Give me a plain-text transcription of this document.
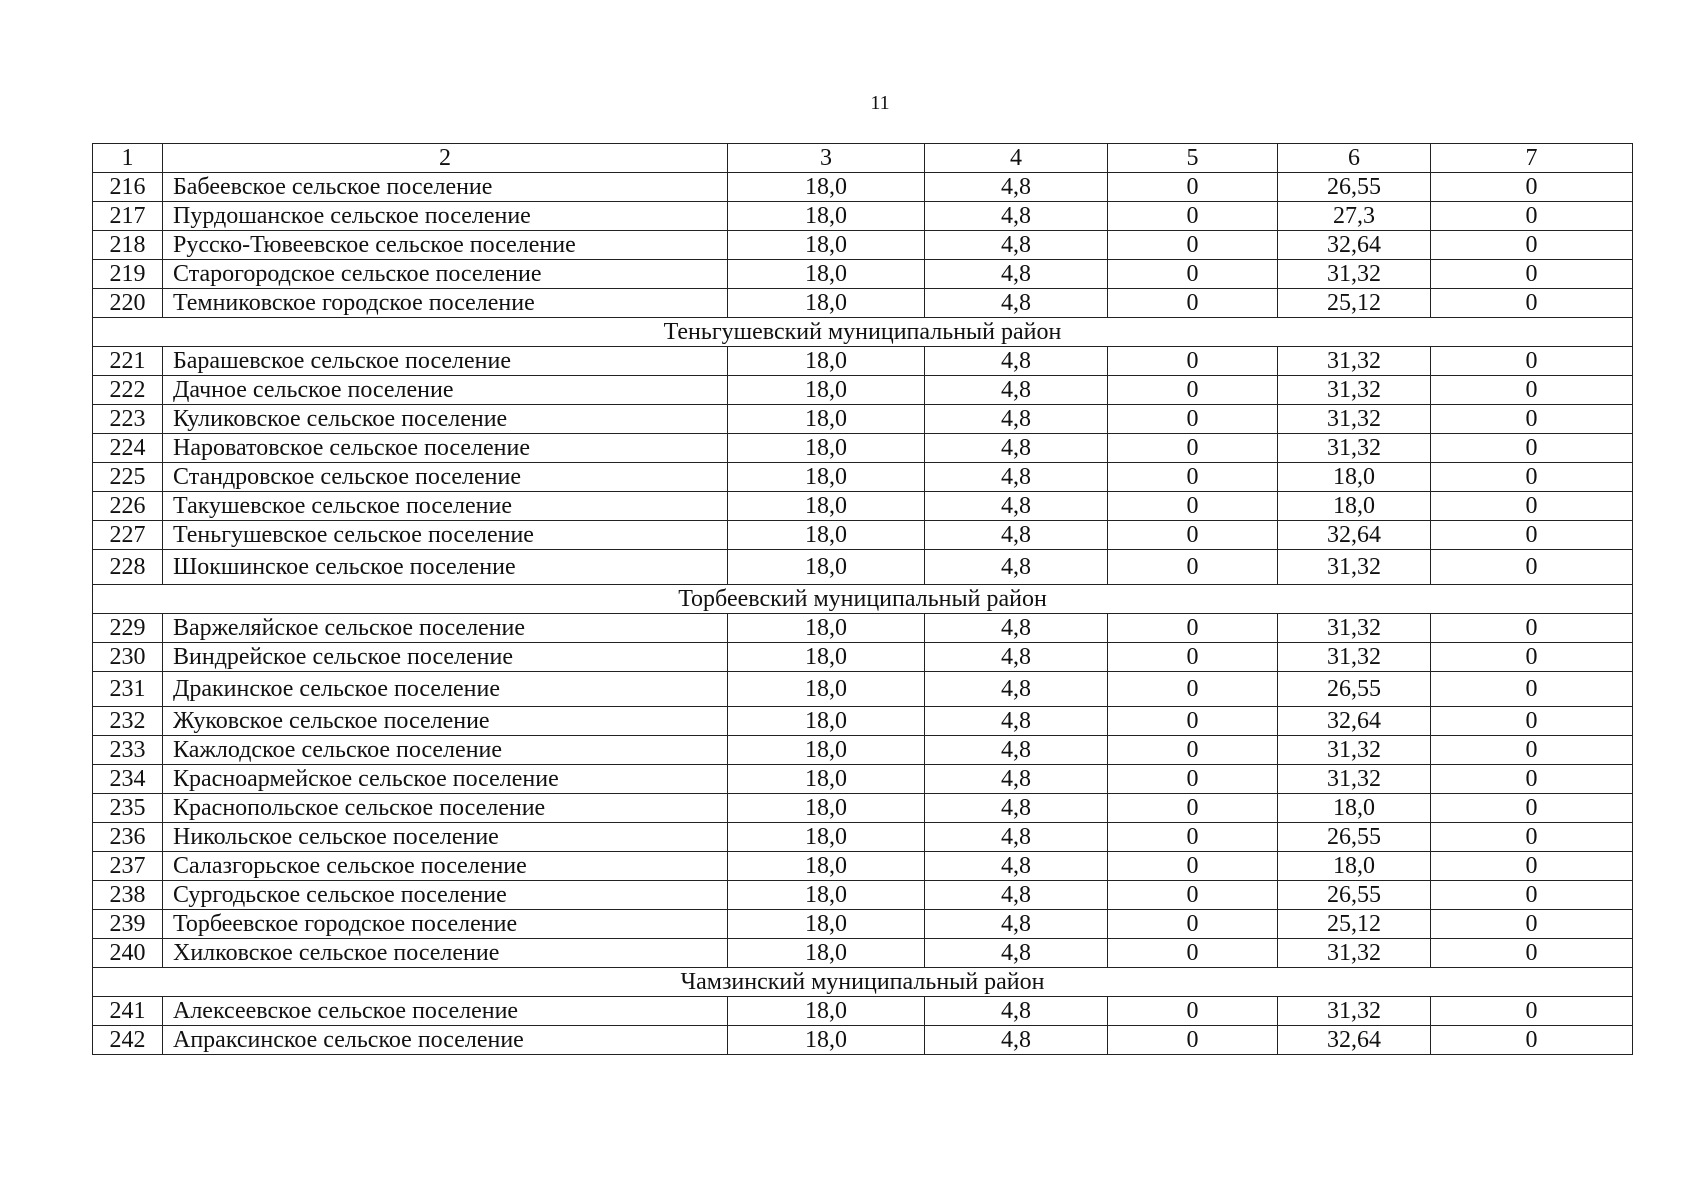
11
1	2	3	4	5	6	7
216	Бабеевское сельское поселение	18,0	4,8	0	26,55	0
217	Пурдошанское сельское поселение	18,0	4,8	0	27,3	0
218	Русско-Тювеевское сельское поселение	18,0	4,8	0	32,64	0
219	Старогородское сельское поселение	18,0	4,8	0	31,32	0
220	Темниковское городское поселение	18,0	4,8	0	25,12	0
Теньгушевский муниципальный район						
221	Барашевское сельское поселение	18,0	4,8	0	31,32	0
222	Дачное сельское поселение	18,0	4,8	0	31,32	0
223	Куликовское сельское поселение	18,0	4,8	0	31,32	0
224	Нароватовское сельское поселение	18,0	4,8	0	31,32	0
225	Стандровское сельское поселение	18,0	4,8	0	18,0	0
226	Такушевское сельское поселение	18,0	4,8	0	18,0	0
227	Теньгушевское сельское поселение	18,0	4,8	0	32,64	0
228	Шокшинское сельское поселение	18,0	4,8	0	31,32	0
Торбеевский муниципальный район						
229	Варжеляйское сельское поселение	18,0	4,8	0	31,32	0
230	Виндрейское сельское поселение	18,0	4,8	0	31,32	0
231	Дракинское сельское поселение	18,0	4,8	0	26,55	0
232	Жуковское сельское поселение	18,0	4,8	0	32,64	0
233	Кажлодское сельское поселение	18,0	4,8	0	31,32	0
234	Красноармейское сельское поселение	18,0	4,8	0	31,32	0
235	Краснопольское сельское поселение	18,0	4,8	0	18,0	0
236	Никольское сельское поселение	18,0	4,8	0	26,55	0
237	Салазгорьское сельское поселение	18,0	4,8	0	18,0	0
238	Сургодьское сельское поселение	18,0	4,8	0	26,55	0
239	Торбеевское городское поселение	18,0	4,8	0	25,12	0
240	Хилковское сельское поселение	18,0	4,8	0	31,32	0
Чамзинский муниципальный район						
241	Алексеевское сельское поселение	18,0	4,8	0	31,32	0
242	Апраксинское сельское поселение	18,0	4,8	0	32,64	0
